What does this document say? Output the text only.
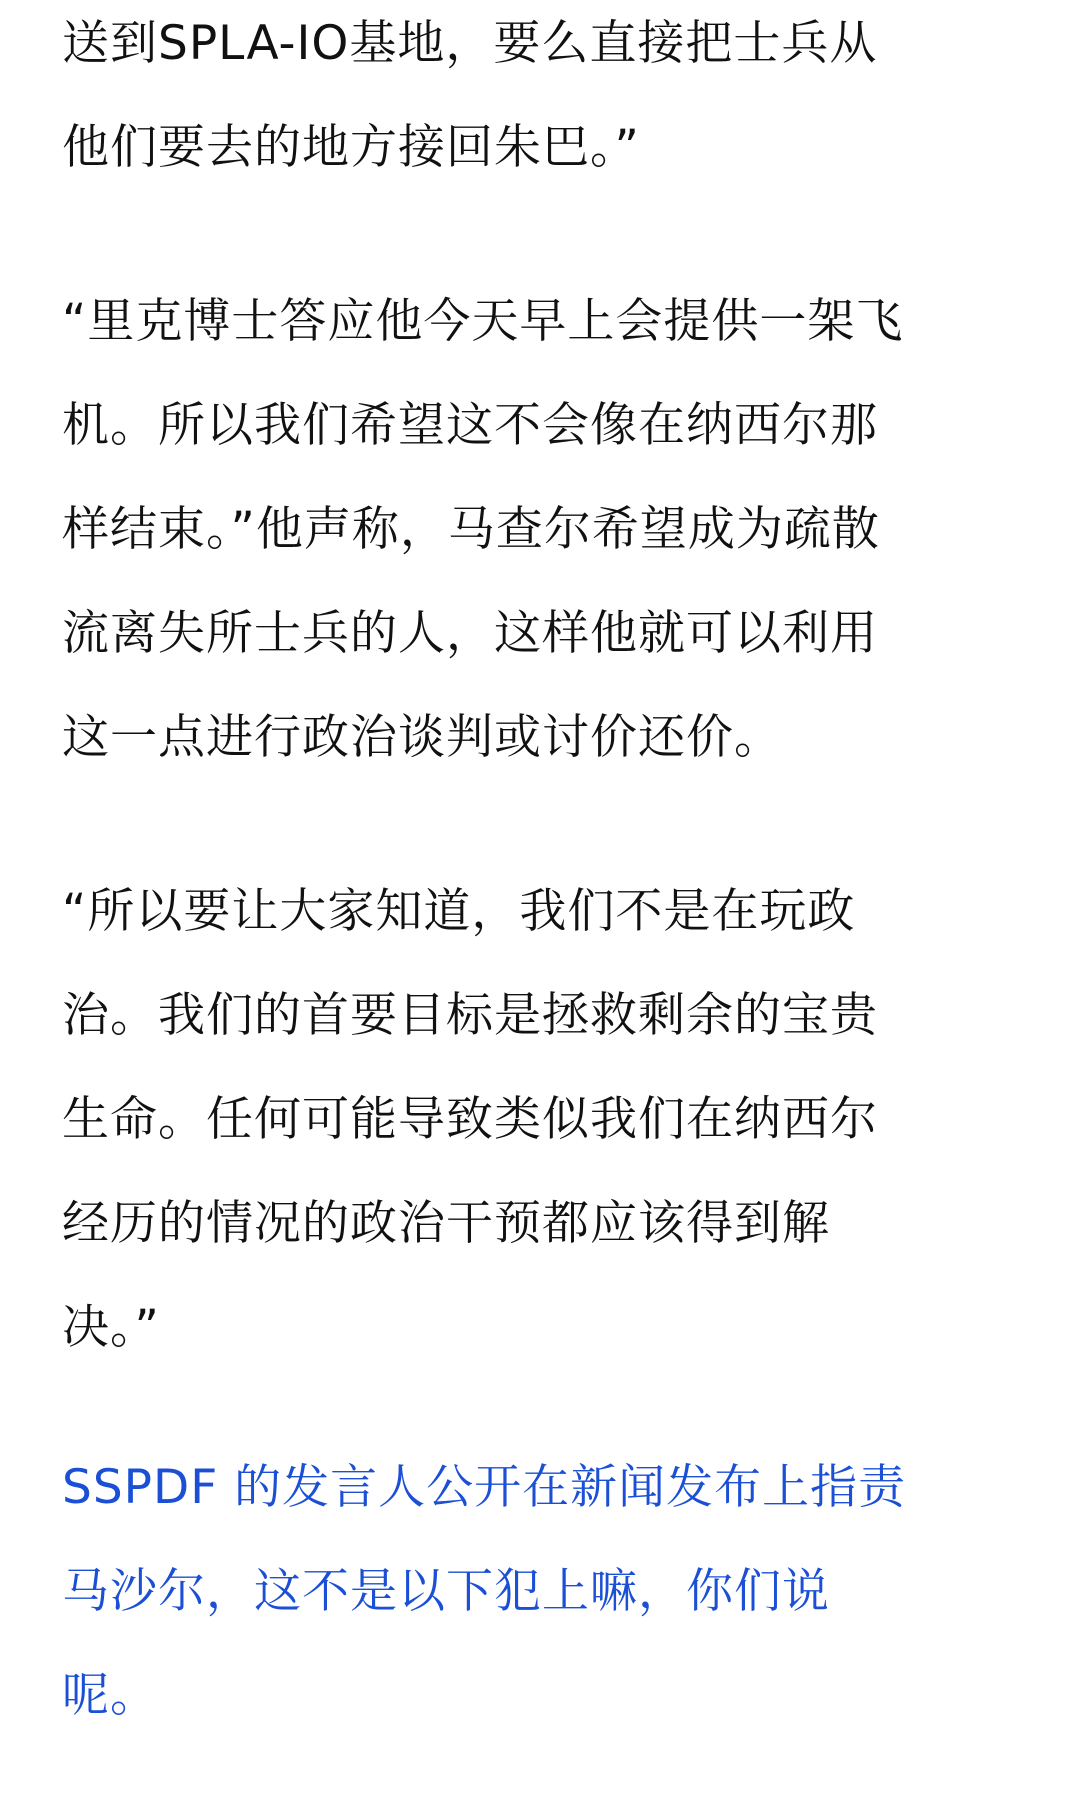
送到SPLA-IO基地，要么直接把士兵从
他们要去的地方接回朱巴。”

“里克博士答应他今天早上会提供一架飞
机。所以我们希望这不会像在纳西尔那
样结束。”他声称，马查尔希望成为疏散
流离失所士兵的人，这样他就可以利用
这一点进行政治谈判或讨价还价。

“所以要让大家知道，我们不是在玩政
治。我们的首要目标是拯救剩余的宝贵
生命。任何可能导致类似我们在纳西尔
经历的情况的政治干预都应该得到解
决。”

SSPDF 的发言人公开在新闻发布上指责
马沙尔，这不是以下犯上嘛，你们说
呢。
